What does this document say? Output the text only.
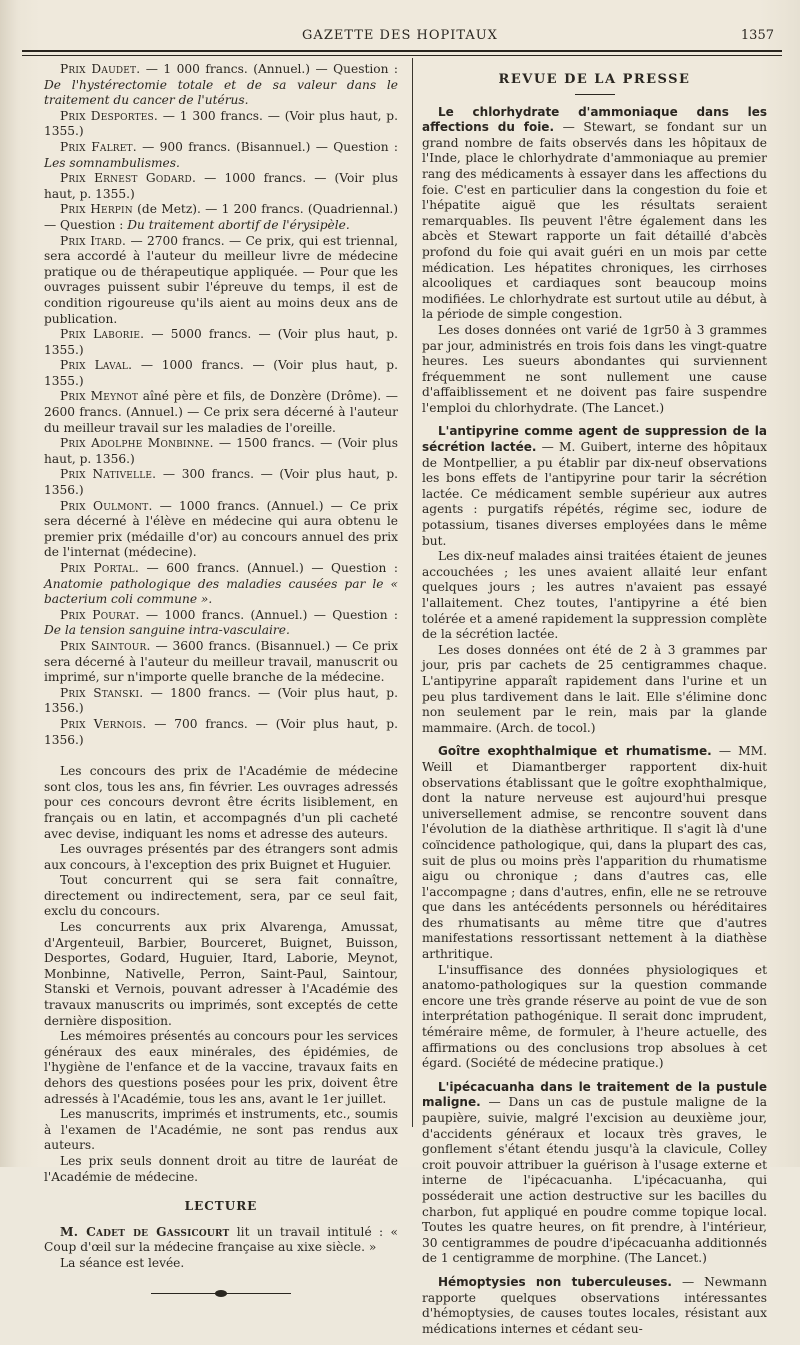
GAZETTE DES HOPITAUX	1357

Prix Daudet. — 1 000 francs. (Annuel.) — Question : De l'hystérectomie totale et de sa valeur dans le traitement du cancer de l'utérus.

Prix Desportes. — 1 300 francs. — (Voir plus haut, p. 1355.)

Prix Falret. — 900 francs. (Bisannuel.) — Question : Les somnambulismes.

Prix Ernest Godard. — 1000 francs. — (Voir plus haut, p. 1355.)

Prix Herpin (de Metz). — 1 200 francs. (Quadriennal.) — Question : Du traitement abortif de l'érysipèle.

Prix Itard. — 2700 francs. — Ce prix, qui est triennal, sera accordé à l'auteur du meilleur livre de médecine pratique ou de thérapeutique appliquée. — Pour que les ouvrages puissent subir l'épreuve du temps, il est de condition rigoureuse qu'ils aient au moins deux ans de publication.

Prix Laborie. — 5000 francs. — (Voir plus haut, p. 1355.)

Prix Laval. — 1000 francs. — (Voir plus haut, p. 1355.)

Prix Meynot aîné père et fils, de Donzère (Drôme). — 2600 francs. (Annuel.) — Ce prix sera décerné à l'auteur du meilleur travail sur les maladies de l'oreille.

Prix Adolphe Monbinne. — 1500 francs. — (Voir plus haut, p. 1356.)

Prix Nativelle. — 300 francs. — (Voir plus haut, p. 1356.)

Prix Oulmont. — 1000 francs. (Annuel.) — Ce prix sera décerné à l'élève en médecine qui aura obtenu le premier prix (médaille d'or) au concours annuel des prix de l'internat (médecine).

Prix Portal. — 600 francs. (Annuel.) — Question : Anatomie pathologique des maladies causées par le « bacterium coli commune ».

Prix Pourat. — 1000 francs. (Annuel.) — Question : De la tension sanguine intra-vasculaire.

Prix Saintour. — 3600 francs. (Bisannuel.) — Ce prix sera décerné à l'auteur du meilleur travail, manuscrit ou imprimé, sur n'importe quelle branche de la médecine.

Prix Stanski. — 1800 francs. — (Voir plus haut, p. 1356.)

Prix Vernois. — 700 francs. — (Voir plus haut, p. 1356.)

Les concours des prix de l'Académie de médecine sont clos, tous les ans, fin février. Les ouvrages adressés pour ces concours devront être écrits lisiblement, en français ou en latin, et accompagnés d'un pli cacheté avec devise, indiquant les noms et adresse des auteurs.

Les ouvrages présentés par des étrangers sont admis aux concours, à l'exception des prix Buignet et Huguier.

Tout concurrent qui se sera fait connaître, directement ou indirectement, sera, par ce seul fait, exclu du concours.

Les concurrents aux prix Alvarenga, Amussat, d'Argenteuil, Barbier, Bourceret, Buignet, Buisson, Desportes, Godard, Huguier, Itard, Laborie, Meynot, Monbinne, Nativelle, Perron, Saint-Paul, Saintour, Stanski et Vernois, pouvant adresser à l'Académie des travaux manuscrits ou imprimés, sont exceptés de cette dernière disposition.

Les mémoires présentés au concours pour les services généraux des eaux minérales, des épidémies, de l'hygiène de l'enfance et de la vaccine, travaux faits en dehors des questions posées pour les prix, doivent être adressés à l'Académie, tous les ans, avant le 1er juillet.

Les manuscrits, imprimés et instruments, etc., soumis à l'examen de l'Académie, ne sont pas rendus aux auteurs.

Les prix seuls donnent droit au titre de lauréat de l'Académie de médecine.

LECTURE

M. Cadet de Gassicourt lit un travail intitulé : « Coup d'œil sur la médecine française au xixe siècle. »

La séance est levée.

REVUE DE LA PRESSE

Le chlorhydrate d'ammoniaque dans les affections du foie. — Stewart, se fondant sur un grand nombre de faits observés dans les hôpitaux de l'Inde, place le chlorhydrate d'ammoniaque au premier rang des médicaments à essayer dans les affections du foie. C'est en particulier dans la congestion du foie et l'hépatite aiguë que les résultats seraient remarquables. Ils peuvent l'être également dans les abcès et Stewart rapporte un fait détaillé d'abcès profond du foie qui avait guéri en un mois par cette médication. Les hépatites chroniques, les cirrhoses alcooliques et cardiaques sont beaucoup moins modifiées. Le chlorhydrate est surtout utile au début, à la période de simple congestion.

Les doses données ont varié de 1gr50 à 3 grammes par jour, administrés en trois fois dans les vingt-quatre heures. Les sueurs abondantes qui surviennent fréquemment ne sont nullement une cause d'affaiblissement et ne doivent pas faire suspendre l'emploi du chlorhydrate. (The Lancet.)

L'antipyrine comme agent de suppression de la sécrétion lactée. — M. Guibert, interne des hôpitaux de Montpellier, a pu établir par dix-neuf observations les bons effets de l'antipyrine pour tarir la sécrétion lactée. Ce médicament semble supérieur aux autres agents : purgatifs répétés, régime sec, iodure de potassium, tisanes diverses employées dans le même but.

Les dix-neuf malades ainsi traitées étaient de jeunes accouchées ; les unes avaient allaité leur enfant quelques jours ; les autres n'avaient pas essayé l'allaitement. Chez toutes, l'antipyrine a été bien tolérée et a amené rapidement la suppression complète de la sécrétion lactée.

Les doses données ont été de 2 à 3 grammes par jour, pris par cachets de 25 centigrammes chaque. L'antipyrine apparaît rapidement dans l'urine et un peu plus tardivement dans le lait. Elle s'élimine donc non seulement par le rein, mais par la glande mammaire. (Arch. de tocol.)

Goître exophthalmique et rhumatisme. — MM. Weill et Diamantberger rapportent dix-huit observations établissant que le goître exophthalmique, dont la nature nerveuse est aujourd'hui presque universellement admise, se rencontre souvent dans l'évolution de la diathèse arthritique. Il s'agit là d'une coïncidence pathologique, qui, dans la plupart des cas, suit de plus ou moins près l'apparition du rhumatisme aigu ou chronique ; dans d'autres cas, elle l'accompagne ; dans d'autres, enfin, elle ne se retrouve que dans les antécédents personnels ou héréditaires des rhumatisants au même titre que d'autres manifestations ressortissant nettement à la diathèse arthritique.

L'insuffisance des données physiologiques et anatomo-pathologiques sur la question commande encore une très grande réserve au point de vue de son interprétation pathogénique. Il serait donc imprudent, téméraire même, de formuler, à l'heure actuelle, des affirmations ou des conclusions trop absolues à cet égard. (Société de médecine pratique.)

L'ipécacuanha dans le traitement de la pustule maligne. — Dans un cas de pustule maligne de la paupière, suivie, malgré l'excision au deuxième jour, d'accidents généraux et locaux très graves, le gonflement s'étant étendu jusqu'à la clavicule, Colley croit pouvoir attribuer la guérison à l'usage externe et interne de l'ipécacuanha. L'ipécacuanha, qui posséderait une action destructive sur les bacilles du charbon, fut appliqué en poudre comme topique local. Toutes les quatre heures, on fit prendre, à l'intérieur, 30 centigrammes de poudre d'ipécacuanha additionnés de 1 centigramme de morphine. (The Lancet.)

Hémoptysies non tuberculeuses. — Newmann rapporte quelques observations intéressantes d'hémoptysies, de causes toutes locales, résistant aux médications internes et cédant seu-
